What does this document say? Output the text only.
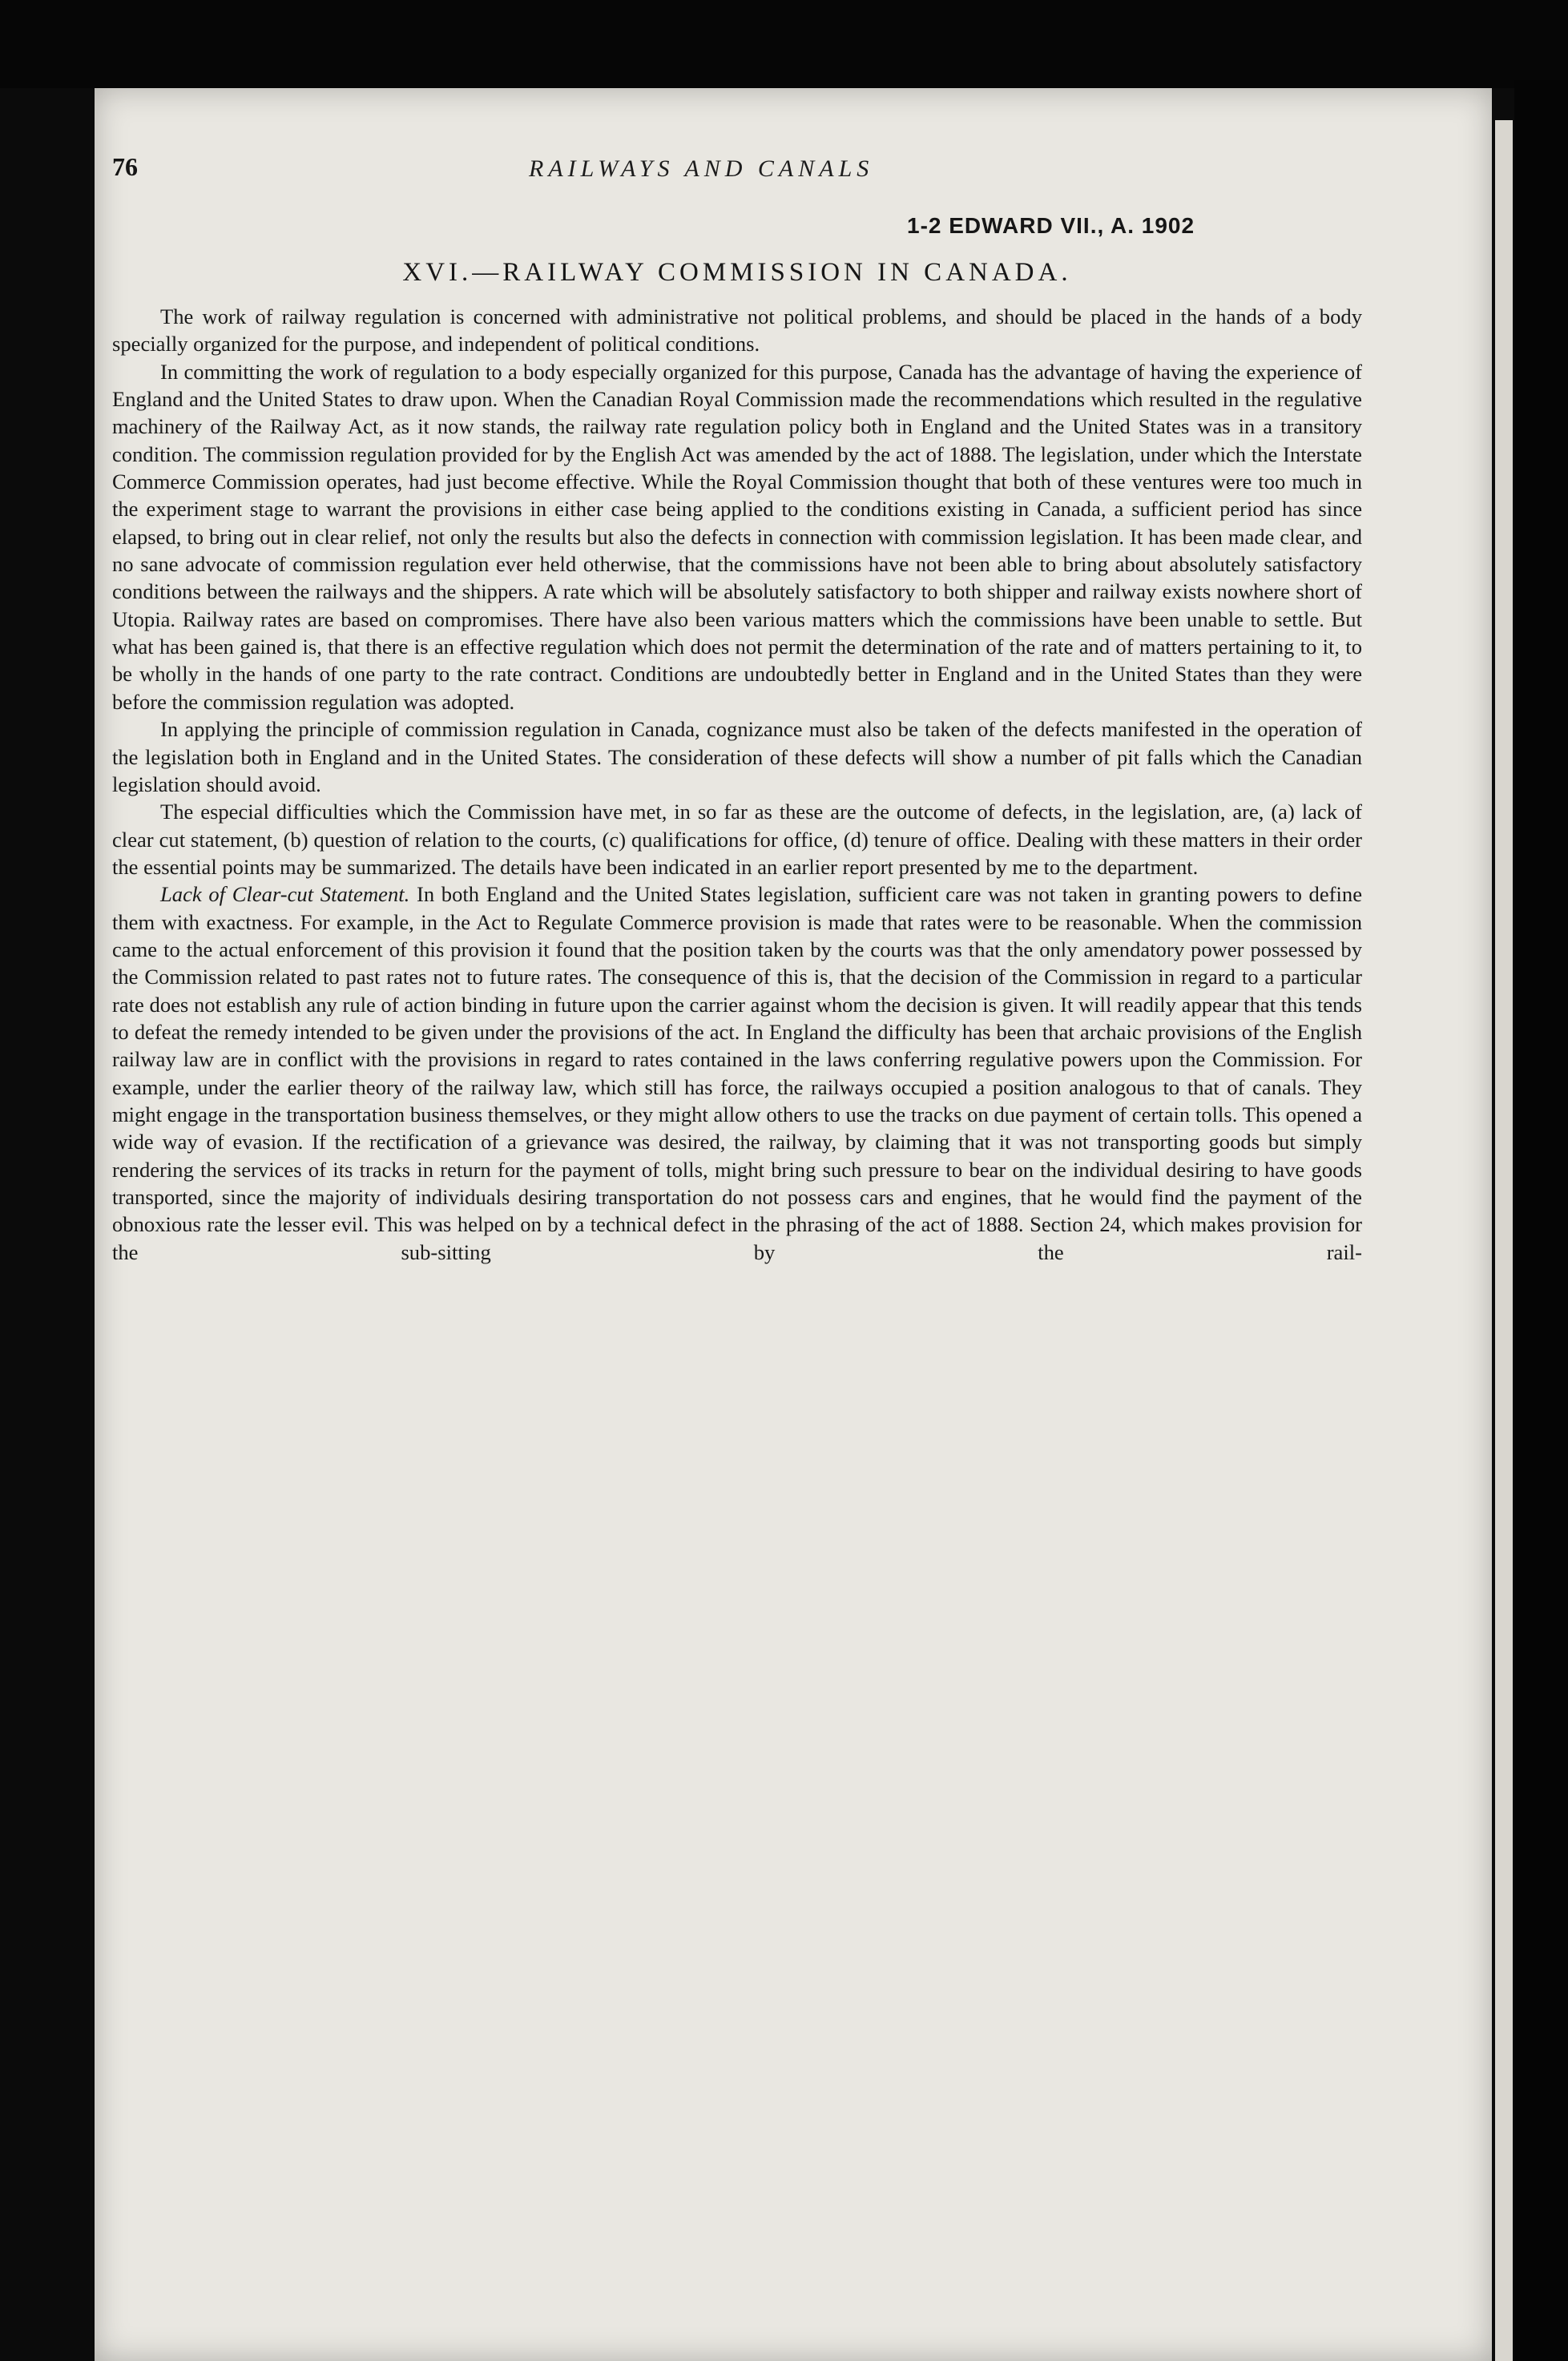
76	RAILWAYS AND CANALS
1-2 EDWARD VII., A. 1902
XVI.—RAILWAY COMMISSION IN CANADA.

The work of railway regulation is concerned with administrative not political problems, and should be placed in the hands of a body specially organized for the purpose, and independent of political conditions.

In committing the work of regulation to a body especially organized for this purpose, Canada has the advantage of having the experience of England and the United States to draw upon. When the Canadian Royal Commission made the recommendations which resulted in the regulative machinery of the Railway Act, as it now stands, the railway rate regulation policy both in England and the United States was in a transitory condition. The commission regulation provided for by the English Act was amended by the act of 1888. The legislation, under which the Interstate Commerce Commission operates, had just become effective. While the Royal Commission thought that both of these ventures were too much in the experiment stage to warrant the provisions in either case being applied to the conditions existing in Canada, a sufficient period has since elapsed, to bring out in clear relief, not only the results but also the defects in connection with commission legislation. It has been made clear, and no sane advocate of commission regulation ever held otherwise, that the commissions have not been able to bring about absolutely satisfactory conditions between the railways and the shippers. A rate which will be absolutely satisfactory to both shipper and railway exists nowhere short of Utopia. Railway rates are based on compromises. There have also been various matters which the commissions have been unable to settle. But what has been gained is, that there is an effective regulation which does not permit the determination of the rate and of matters pertaining to it, to be wholly in the hands of one party to the rate contract. Conditions are undoubtedly better in England and in the United States than they were before the commission regulation was adopted.

In applying the principle of commission regulation in Canada, cognizance must also be taken of the defects manifested in the operation of the legislation both in England and in the United States. The consideration of these defects will show a number of pit falls which the Canadian legislation should avoid.

The especial difficulties which the Commission have met, in so far as these are the outcome of defects, in the legislation, are, (a) lack of clear cut statement, (b) question of relation to the courts, (c) qualifications for office, (d) tenure of office. Dealing with these matters in their order the essential points may be summarized. The details have been indicated in an earlier report presented by me to the department.

Lack of Clear-cut Statement. In both England and the United States legislation, sufficient care was not taken in granting powers to define them with exactness. For example, in the Act to Regulate Commerce provision is made that rates were to be reasonable. When the commission came to the actual enforcement of this provision it found that the position taken by the courts was that the only amendatory power possessed by the Commission related to past rates not to future rates. The consequence of this is, that the decision of the Commission in regard to a particular rate does not establish any rule of action binding in future upon the carrier against whom the decision is given. It will readily appear that this tends to defeat the remedy intended to be given under the provisions of the act. In England the difficulty has been that archaic provisions of the English railway law are in conflict with the provisions in regard to rates contained in the laws conferring regulative powers upon the Commission. For example, under the earlier theory of the railway law, which still has force, the railways occupied a position analogous to that of canals. They might engage in the transportation business themselves, or they might allow others to use the tracks on due payment of certain tolls. This opened a wide way of evasion. If the rectification of a grievance was desired, the railway, by claiming that it was not transporting goods but simply rendering the services of its tracks in return for the payment of tolls, might bring such pressure to bear on the individual desiring to have goods transported, since the majority of individuals desiring transportation do not possess cars and engines, that he would find the payment of the obnoxious rate the lesser evil. This was helped on by a technical defect in the phrasing of the act of 1888. Section 24, which makes provision for the sub-sitting by the rail-
